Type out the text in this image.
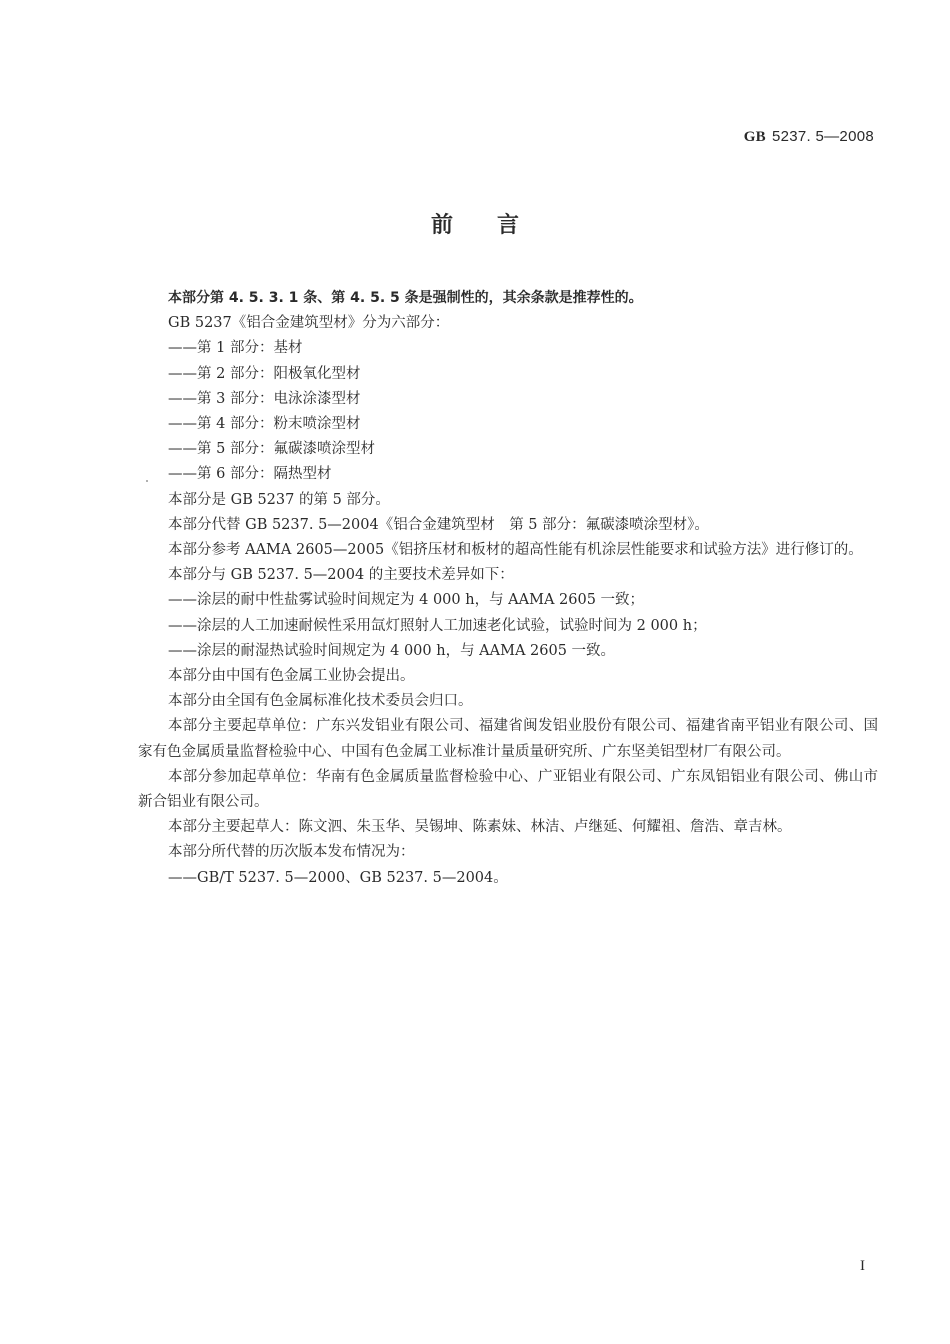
GB 5237. 5—2008
前言

本部分第 4. 5. 3. 1 条、第 4. 5. 5 条是强制性的，其余条款是推荐性的。

GB 5237《铝合金建筑型材》分为六部分：

——第 1 部分：基材

——第 2 部分：阳极氧化型材

——第 3 部分：电泳涂漆型材

——第 4 部分：粉末喷涂型材

——第 5 部分：氟碳漆喷涂型材

——第 6 部分：隔热型材

本部分是 GB 5237 的第 5 部分。

本部分代替 GB 5237. 5—2004《铝合金建筑型材　第 5 部分：氟碳漆喷涂型材》。

本部分参考 AAMA 2605—2005《铝挤压材和板材的超高性能有机涂层性能要求和试验方法》进行修订的。

本部分与 GB 5237. 5—2004 的主要技术差异如下：

——涂层的耐中性盐雾试验时间规定为 4 000 h，与 AAMA 2605 一致；

——涂层的人工加速耐候性采用氙灯照射人工加速老化试验，试验时间为 2 000 h；

——涂层的耐湿热试验时间规定为 4 000 h，与 AAMA 2605 一致。

本部分由中国有色金属工业协会提出。

本部分由全国有色金属标准化技术委员会归口。

本部分主要起草单位：广东兴发铝业有限公司、福建省闽发铝业股份有限公司、福建省南平铝业有限公司、国家有色金属质量监督检验中心、中国有色金属工业标准计量质量研究所、广东坚美铝型材厂有限公司。

本部分参加起草单位：华南有色金属质量监督检验中心、广亚铝业有限公司、广东凤铝铝业有限公司、佛山市新合铝业有限公司。

本部分主要起草人：陈文泗、朱玉华、吴锡坤、陈素妹、林洁、卢继延、何耀祖、詹浩、章吉林。

本部分所代替的历次版本发布情况为：

——GB/T 5237. 5—2000、GB 5237. 5—2004。

I
